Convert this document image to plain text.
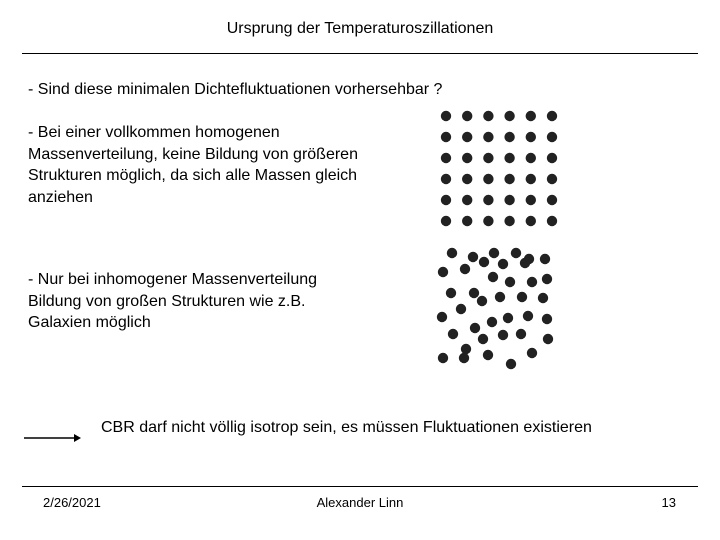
Ursprung der Temperaturoszillationen
- Sind diese minimalen Dichtefluktuationen vorhersehbar ?
- Bei einer vollkommen homogenen Massenverteilung, keine Bildung von größeren Strukturen möglich, da sich alle Massen gleich anziehen
- Nur bei inhomogener Massenverteilung Bildung von großen Strukturen wie z.B. Galaxien möglich
CBR darf nicht völlig isotrop sein, es müssen Fluktuationen existieren
2/26/2021	Alexander Linn	13
